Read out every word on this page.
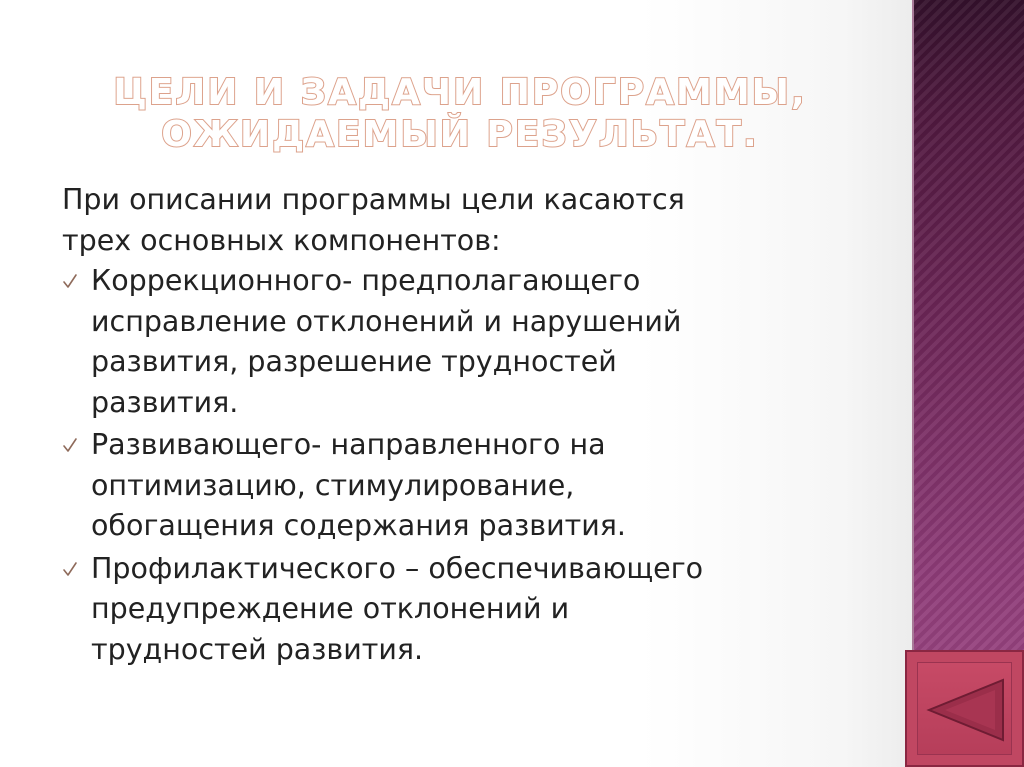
ЦЕЛИ И ЗАДАЧИ ПРОГРАММЫ,
ОЖИДАЕМЫЙ РЕЗУЛЬТАТ.
При описании программы цели касаются
трех основных компонентов:
Коррекционного- предполагающего
исправление отклонений и нарушений
развития, разрешение трудностей
развития.
Развивающего- направленного на
оптимизацию, стимулирование,
обогащения содержания развития.
Профилактического – обеспечивающего
предупреждение отклонений и
трудностей развития.
